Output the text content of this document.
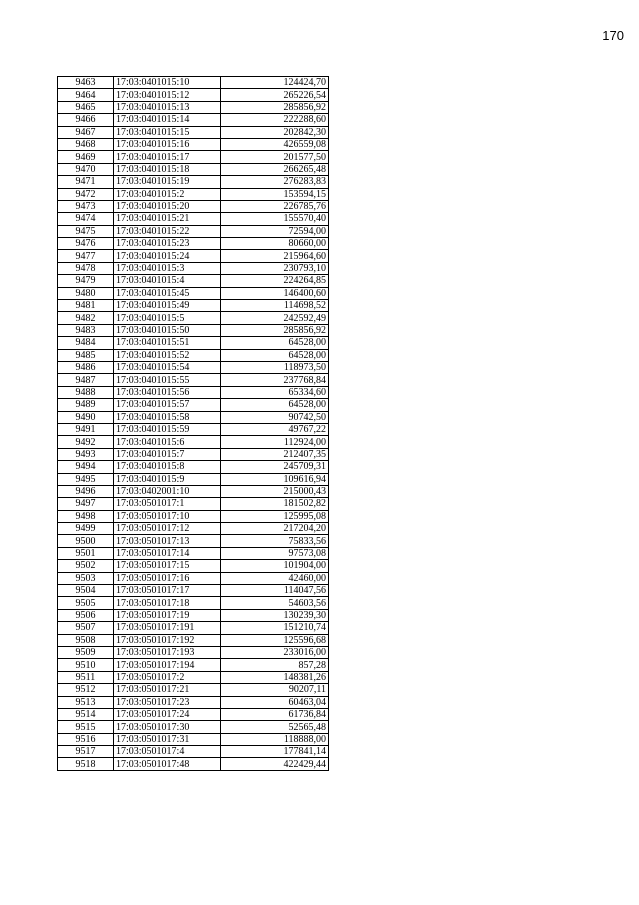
170
9463	17:03:0401015:10	124424,70
9464	17:03:0401015:12	265226,54
9465	17:03:0401015:13	285856,92
9466	17:03:0401015:14	222288,60
9467	17:03:0401015:15	202842,30
9468	17:03:0401015:16	426559,08
9469	17:03:0401015:17	201577,50
9470	17:03:0401015:18	266265,48
9471	17:03:0401015:19	276283,83
9472	17:03:0401015:2	153594,15
9473	17:03:0401015:20	226785,76
9474	17:03:0401015:21	155570,40
9475	17:03:0401015:22	72594,00
9476	17:03:0401015:23	80660,00
9477	17:03:0401015:24	215964,60
9478	17:03:0401015:3	230793,10
9479	17:03:0401015:4	224264,85
9480	17:03:0401015:45	146400,60
9481	17:03:0401015:49	114698,52
9482	17:03:0401015:5	242592,49
9483	17:03:0401015:50	285856,92
9484	17:03:0401015:51	64528,00
9485	17:03:0401015:52	64528,00
9486	17:03:0401015:54	118973,50
9487	17:03:0401015:55	237768,84
9488	17:03:0401015:56	65334,60
9489	17:03:0401015:57	64528,00
9490	17:03:0401015:58	90742,50
9491	17:03:0401015:59	49767,22
9492	17:03:0401015:6	112924,00
9493	17:03:0401015:7	212407,35
9494	17:03:0401015:8	245709,31
9495	17:03:0401015:9	109616,94
9496	17:03:0402001:10	215000,43
9497	17:03:0501017:1	181502,82
9498	17:03:0501017:10	125995,08
9499	17:03:0501017:12	217204,20
9500	17:03:0501017:13	75833,56
9501	17:03:0501017:14	97573,08
9502	17:03:0501017:15	101904,00
9503	17:03:0501017:16	42460,00
9504	17:03:0501017:17	114047,56
9505	17:03:0501017:18	54603,56
9506	17:03:0501017:19	130239,30
9507	17:03:0501017:191	151210,74
9508	17:03:0501017:192	125596,68
9509	17:03:0501017:193	233016,00
9510	17:03:0501017:194	857,28
9511	17:03:0501017:2	148381,26
9512	17:03:0501017:21	90207,11
9513	17:03:0501017:23	60463,04
9514	17:03:0501017:24	61736,84
9515	17:03:0501017:30	52565,48
9516	17:03:0501017:31	118888,00
9517	17:03:0501017:4	177841,14
9518	17:03:0501017:48	422429,44
